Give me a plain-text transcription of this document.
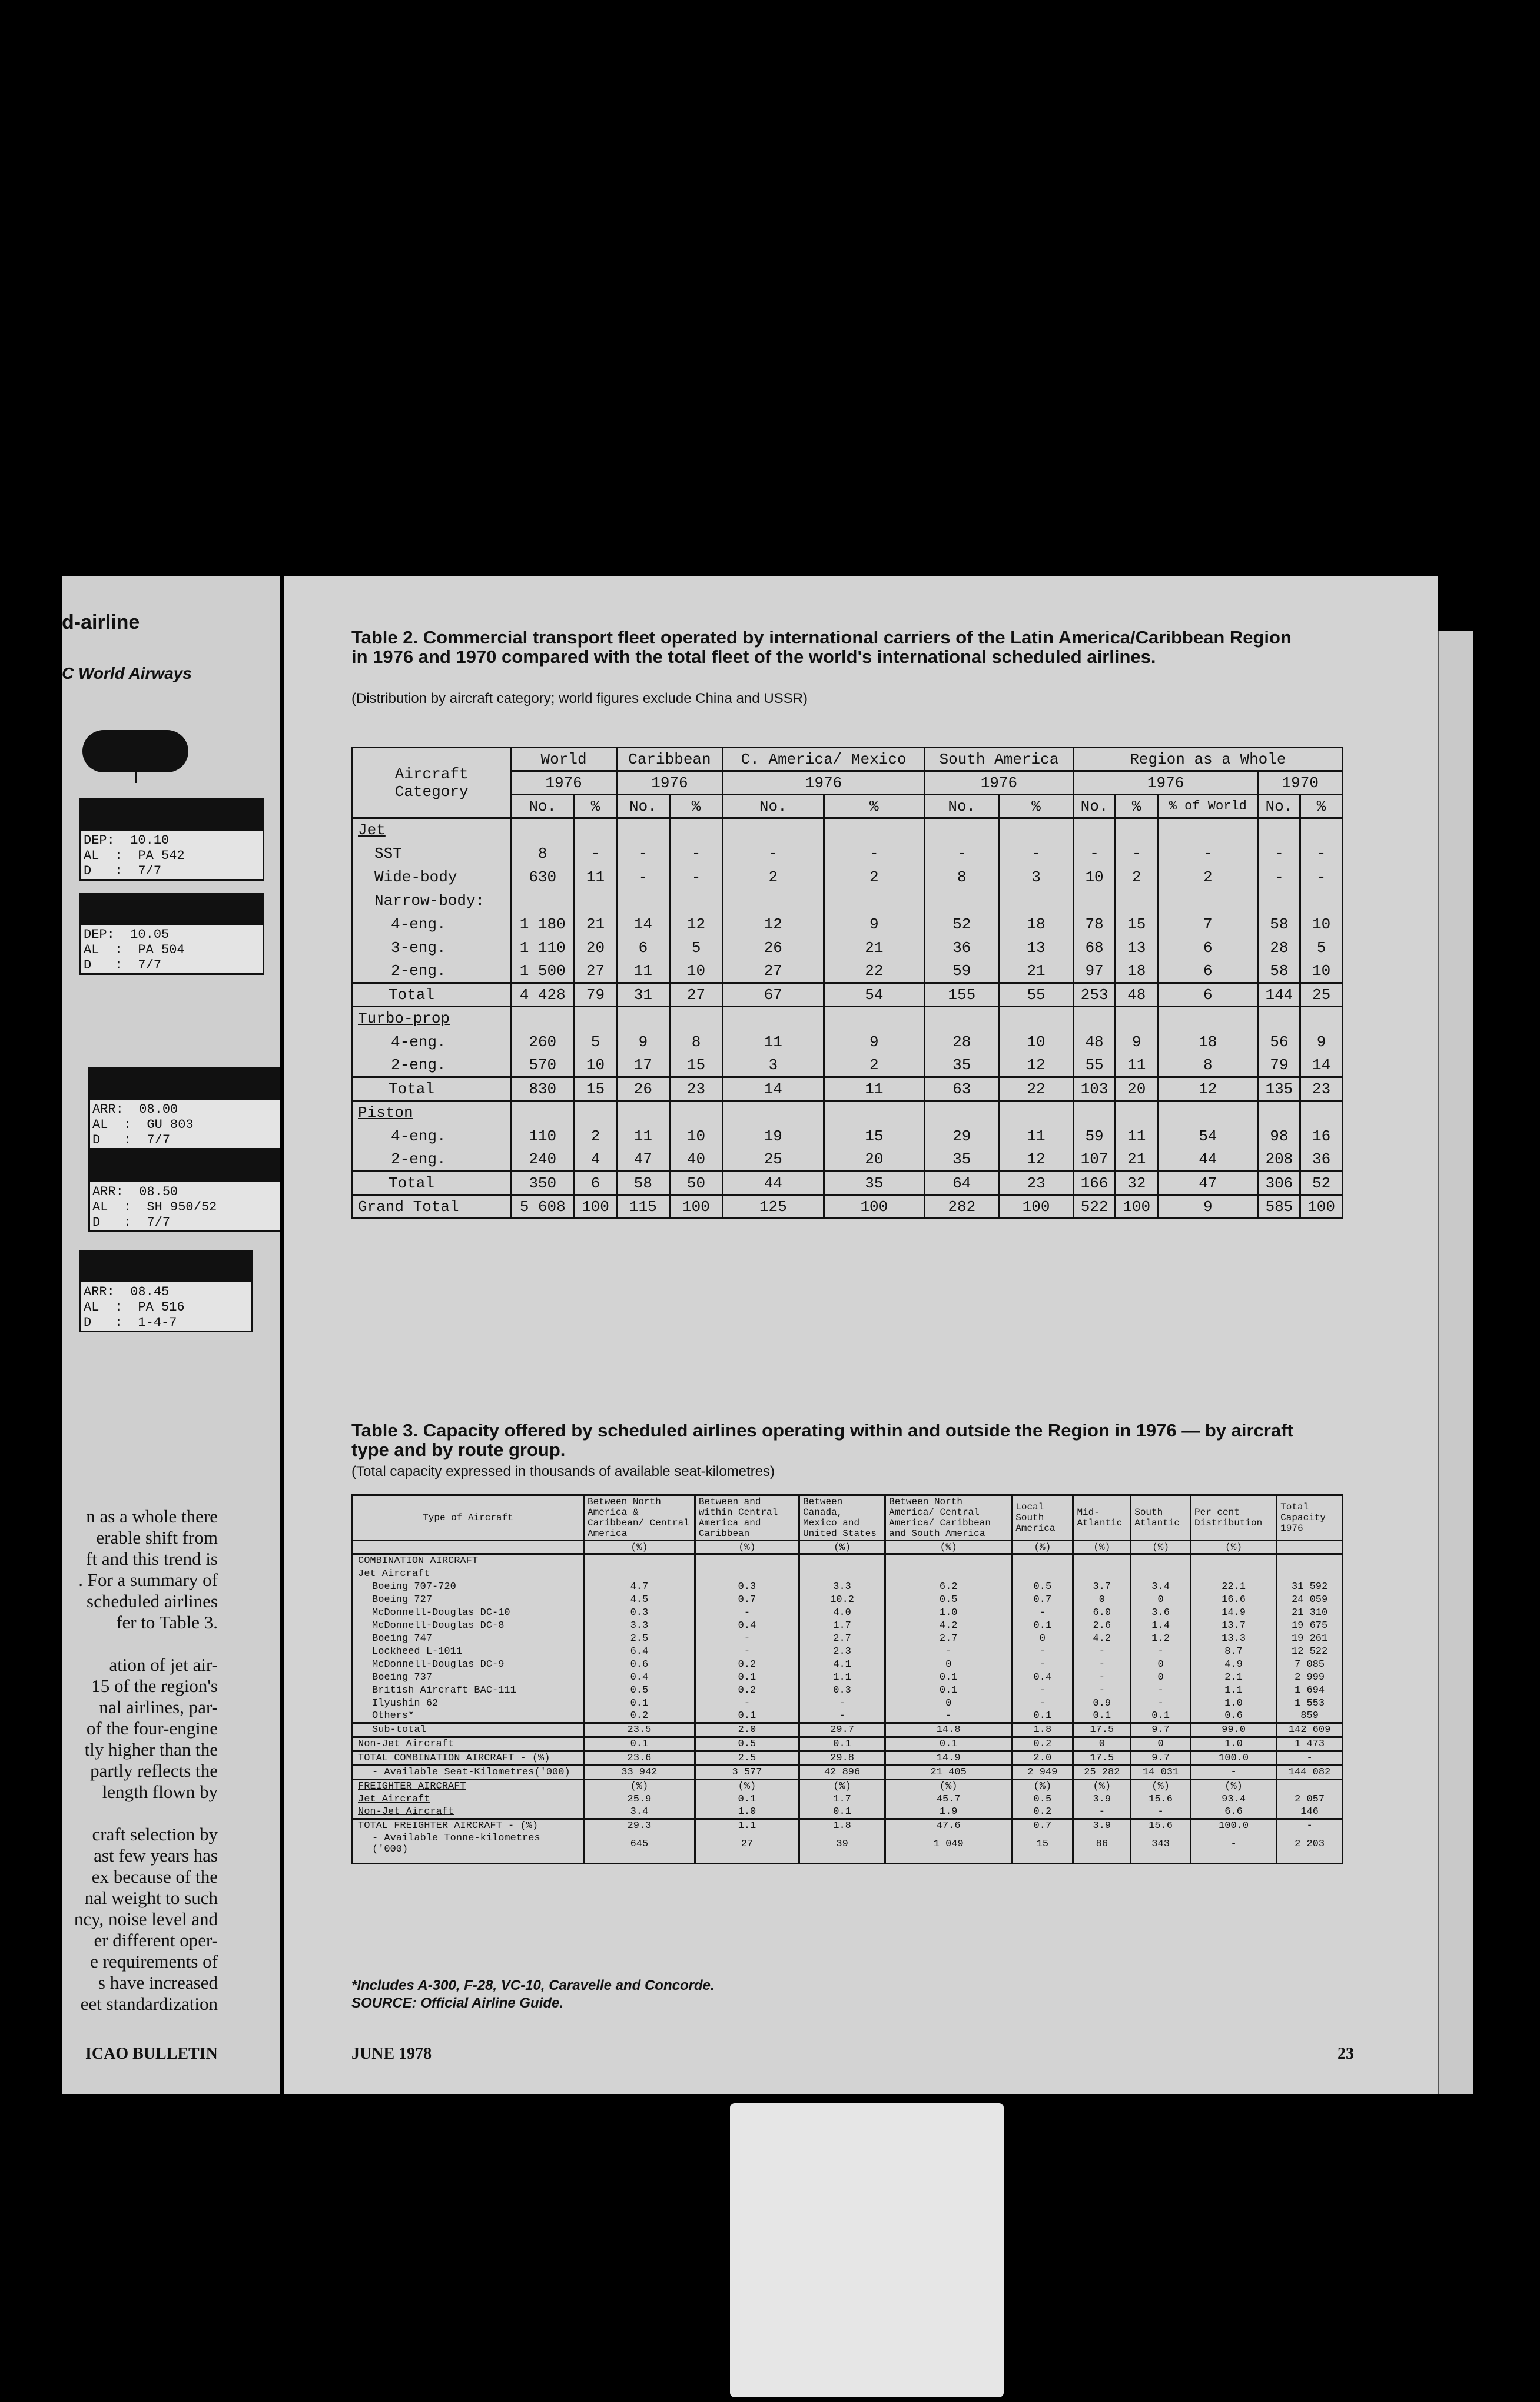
d-airline
C World Airways
DEP:  10.10
AL  :  PA 542
D   :  7/7
DEP:  10.05
AL  :  PA 504
D   :  7/7
ARR:  08.00
AL  :  GU 803
D   :  7/7
ARR:  08.50
AL  :  SH 950/52
D   :  7/7
ARR:  08.45
AL  :  PA 516
D   :  1-4-7
n as a whole there
erable shift from
ft and this trend is
. For a summary of
scheduled airlines
fer to Table 3.
ation of jet air-
15 of the region's
nal airlines, par-
of the four-engine
tly higher than the
partly reflects the
length flown by
craft selection by
ast few years has
ex because of the
nal weight to such
ncy, noise level and
er different oper-
e requirements of
s have increased
eet standardization
ICAO BULLETIN
Table 2. Commercial transport fleet operated by international carriers of the Latin America/Caribbean Region in 1976 and 1970 compared with the total fleet of the world's international scheduled airlines.
(Distribution by aircraft category; world figures exclude China and USSR)
Aircraft
Category	World		Caribbean		C. America/ Mexico		South America		Region as a Whole				
	1976		1976		1976		1976		1976			1970	
	No.	%	No.	%	No.	%	No.	%	No.	%	% of World	No.	%
Jet													
SST	8	-	-	-	-	-	-	-	-	-	-	-	-
Wide-body	630	11	-	-	2	2	8	3	10	2	2	-	-
Narrow-body:													
4-eng.	1 180	21	14	12	12	9	52	18	78	15	7	58	10
3-eng.	1 110	20	6	5	26	21	36	13	68	13	6	28	5
2-eng.	1 500	27	11	10	27	22	59	21	97	18	6	58	10
Total	4 428	79	31	27	67	54	155	55	253	48	6	144	25
Turbo-prop													
4-eng.	260	5	9	8	11	9	28	10	48	9	18	56	9
2-eng.	570	10	17	15	3	2	35	12	55	11	8	79	14
Total	830	15	26	23	14	11	63	22	103	20	12	135	23
Piston													
4-eng.	110	2	11	10	19	15	29	11	59	11	54	98	16
2-eng.	240	4	47	40	25	20	35	12	107	21	44	208	36
Total	350	6	58	50	44	35	64	23	166	32	47	306	52
Grand Total	5 608	100	115	100	125	100	282	100	522	100	9	585	100
Table 3. Capacity offered by scheduled airlines operating within and outside the Region in 1976 — by aircraft type and by route group.
(Total capacity expressed in thousands of available seat-kilometres)
Type of Aircraft	Between North America & Caribbean/ Central America	Between and within Central America and Caribbean	Between Canada, Mexico and United States	Between North America/ Central America/ Caribbean and South America	Local South America	Mid-Atlantic	South Atlantic	Per cent Distribution	Total Capacity 1976
	(%)	(%)	(%)	(%)	(%)	(%)	(%)	(%)	
COMBINATION AIRCRAFT									
Jet Aircraft									
Boeing 707-720	4.7	0.3	3.3	6.2	0.5	3.7	3.4	22.1	31 592
Boeing 727	4.5	0.7	10.2	0.5	0.7	0	0	16.6	24 059
McDonnell-Douglas DC-10	0.3	-	4.0	1.0	-	6.0	3.6	14.9	21 310
McDonnell-Douglas DC-8	3.3	0.4	1.7	4.2	0.1	2.6	1.4	13.7	19 675
Boeing 747	2.5	-	2.7	2.7	0	4.2	1.2	13.3	19 261
Lockheed L-1011	6.4	-	2.3	-	-	-	-	8.7	12 522
McDonnell-Douglas DC-9	0.6	0.2	4.1	0	-	-	0	4.9	7 085
Boeing 737	0.4	0.1	1.1	0.1	0.4	-	0	2.1	2 999
British Aircraft BAC-111	0.5	0.2	0.3	0.1	-	-	-	1.1	1 694
Ilyushin 62	0.1	-	-	0	-	0.9	-	1.0	1 553
Others*	0.2	0.1	-	-	0.1	0.1	0.1	0.6	859
Sub-total	23.5	2.0	29.7	14.8	1.8	17.5	9.7	99.0	142 609
Non-Jet Aircraft	0.1	0.5	0.1	0.1	0.2	0	0	1.0	1 473
TOTAL COMBINATION AIRCRAFT - (%)	23.6	2.5	29.8	14.9	2.0	17.5	9.7	100.0	-
- Available Seat-Kilometres('000)	33 942	3 577	42 896	21 405	2 949	25 282	14 031	-	144 082
FREIGHTER AIRCRAFT	(%)	(%)	(%)	(%)	(%)	(%)	(%)	(%)	
Jet Aircraft	25.9	0.1	1.7	45.7	0.5	3.9	15.6	93.4	2 057
Non-Jet Aircraft	3.4	1.0	0.1	1.9	0.2	-	-	6.6	146
TOTAL FREIGHTER AIRCRAFT - (%)	29.3	1.1	1.8	47.6	0.7	3.9	15.6	100.0	-
- Available Tonne-kilometres ('000)	645	27	39	1 049	15	86	343	-	2 203

*Includes A-300, F-28, VC-10, Caravelle and Concorde.
SOURCE: Official Airline Guide.
JUNE 1978	23
